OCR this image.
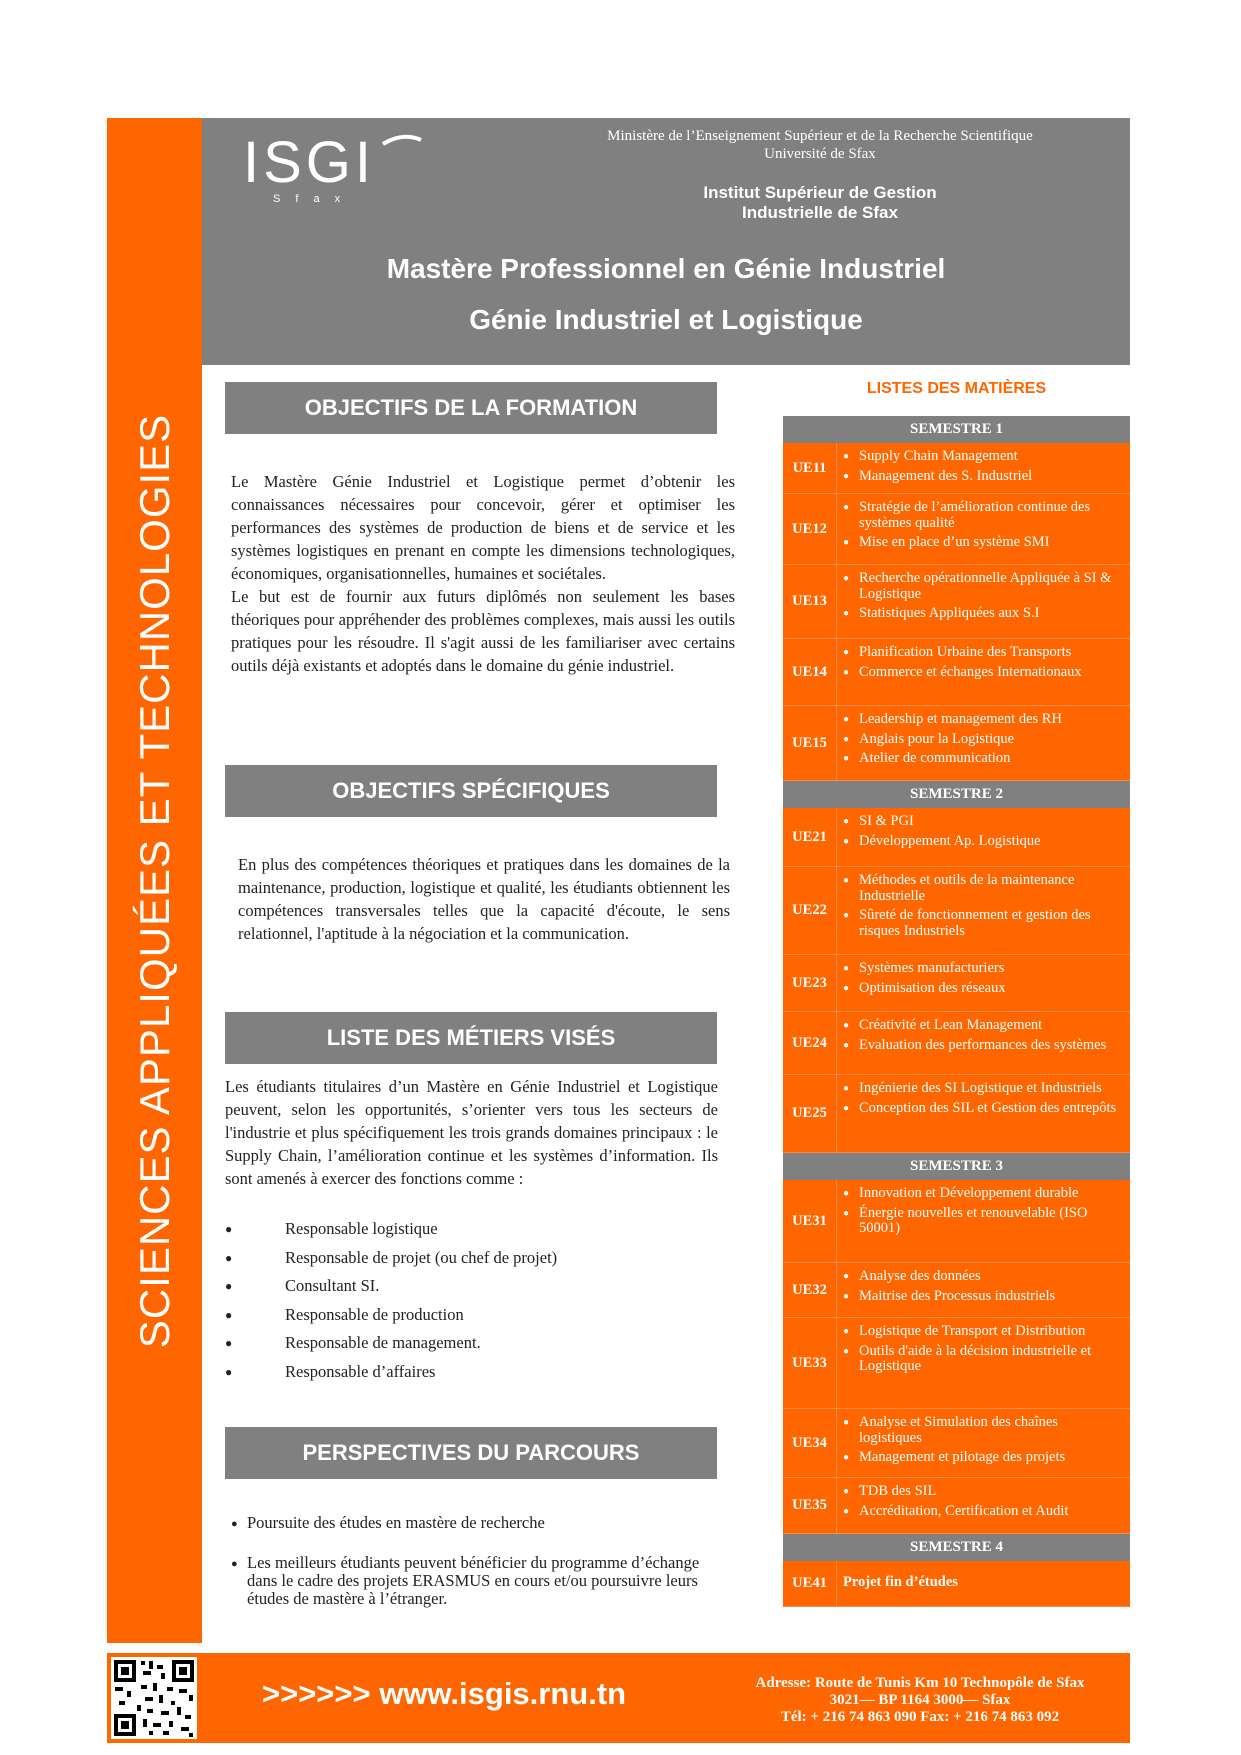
SCIENCES APPLIQUÉES ET TECHNOLOGIES
ISGI
S f a x
Ministère de l’Enseignement Supérieur et de la Recherche Scientifique
Université de Sfax
Institut Supérieur de Gestion
Industrielle de Sfax
Mastère Professionnel en Génie Industriel
Génie Industriel et Logistique
OBJECTIFS DE LA FORMATION
Le Mastère Génie Industriel et Logistique permet d’obtenir les connaissances nécessaires pour concevoir, gérer et optimiser les performances des systèmes de production de biens et de service et les systèmes logistiques en prenant en compte les dimensions technologiques, économiques, organisationnelles, humaines et sociétales.
Le but est de fournir aux futurs diplômés non seulement les bases théoriques pour appréhender des problèmes complexes, mais aussi les outils pratiques pour les résoudre. Il s'agit aussi de les familiariser avec certains outils déjà existants et adoptés dans le domaine du génie industriel.
OBJECTIFS SPÉCIFIQUES
En plus des compétences théoriques et pratiques dans les domaines de la maintenance, production, logistique et qualité, les étudiants obtiennent les compétences transversales telles que la capacité d'écoute, le sens relationnel, l'aptitude à la négociation et la communication.
LISTE DES MÉTIERS VISÉS
Les étudiants titulaires d’un Mastère en Génie Industriel et Logistique peuvent, selon les opportunités, s’orienter vers tous les secteurs de l'industrie et plus spécifiquement les trois grands domaines principaux : le Supply Chain, l’amélioration continue et les systèmes d’information. Ils sont amenés à exercer des fonctions comme :
● Responsable logistique
● Responsable de projet (ou chef de projet)
● Consultant SI.
● Responsable de production
● Responsable de management.
● Responsable d’affaires
PERSPECTIVES DU PARCOURS
● Poursuite des études en mastère de recherche
● Les meilleurs étudiants peuvent bénéficier du programme d’échange dans le cadre des projets ERASMUS en cours et/ou poursuivre leurs études de mastère à l’étranger.
LISTES DES MATIÈRES
SEMESTRE 1
UE11
● Supply Chain Management
● Management des S. Industriel
UE12
● Stratégie de l’amélioration continue des systèmes qualité
● Mise en place d’un système SMI
UE13
● Recherche opérationnelle Appliquée à SI & Logistique
● Statistiques Appliquées aux S.I
UE14
● Planification Urbaine des Transports
● Commerce et échanges Internationaux
UE15
● Leadership et management des RH
● Anglais pour la Logistique
● Atelier de communication
SEMESTRE 2
UE21
● SI & PGI
● Développement Ap. Logistique
UE22
● Méthodes et outils de la maintenance Industrielle
● Sûreté de fonctionnement et gestion des risques Industriels
UE23
● Systèmes manufacturiers
● Optimisation des réseaux
UE24
● Créativité et Lean Management
● Evaluation des performances des systèmes
UE25
● Ingénierie des SI Logistique et Industriels
● Conception des SIL et Gestion des entrepôts
SEMESTRE 3
UE31
● Innovation et Développement durable
● Énergie nouvelles et renouvelable (ISO 50001)
UE32
● Analyse des données
● Maitrise des Processus industriels
UE33
● Logistique de Transport et Distribution
● Outils d'aide à la décision industrielle et Logistique
UE34
● Analyse et Simulation des chaînes logistiques
● Management et pilotage des projets
UE35
● TDB des SIL
● Accréditation, Certification et Audit
SEMESTRE 4
UE41	Projet fin d’études
>>>>>> www.isgis.rnu.tn	Adresse: Route de Tunis Km 10 Technopôle de Sfax
3021— BP 1164 3000— Sfax
Tél: + 216 74 863 090 Fax: + 216 74 863 092
